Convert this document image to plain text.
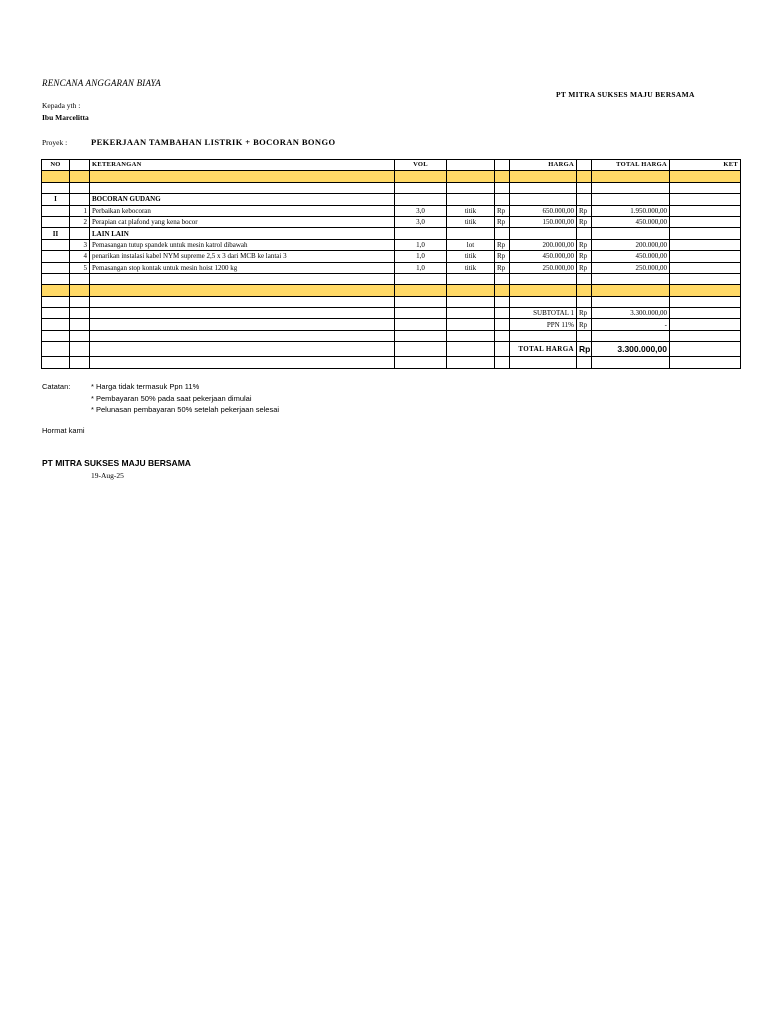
RENCANA ANGGARAN BIAYA
PT MITRA SUKSES MAJU BERSAMA
Kepada yth :
Ibu Marcelitta
Proyek :	PEKERJAAN TAMBAHAN LISTRIK + BOCORAN BONGO
NO		KETERANGAN	VOL			HARGA		TOTAL HARGA	KET

I		BOCORAN GUDANG							
	1	Perbaikan kebocoran	3,0	titik	Rp	650.000,00	Rp	1.950.000,00	
	2	Perapian cat plafond yang kena bocor	3,0	titik	Rp	150.000,00	Rp	450.000,00	
II		LAIN LAIN							
	3	Pemasangan tutup spandek untuk mesin katrol dibawah	1,0	lot	Rp	200.000,00	Rp	200.000,00	
	4	penarikan instalasi kabel NYM supreme 2,5 x 3 dari MCB ke lantai 3	1,0	titik	Rp	450.000,00	Rp	450.000,00	
	5	Pemasangan stop kontak untuk mesin hoist 1200 kg	1,0	titik	Rp	250.000,00	Rp	250.000,00	

						SUBTOTAL 1	Rp	3.300.000,00	
						PPN 11%	Rp	-	

						TOTAL HARGA	Rp	3.300.000,00	

Catatan:	* Harga tidak termasuk Ppn 11%
* Pembayaran 50% pada saat pekerjaan dimulai
* Pelunasan pembayaran 50% setelah pekerjaan selesai
Hormat kami
PT MITRA SUKSES MAJU BERSAMA
19-Aug-25
